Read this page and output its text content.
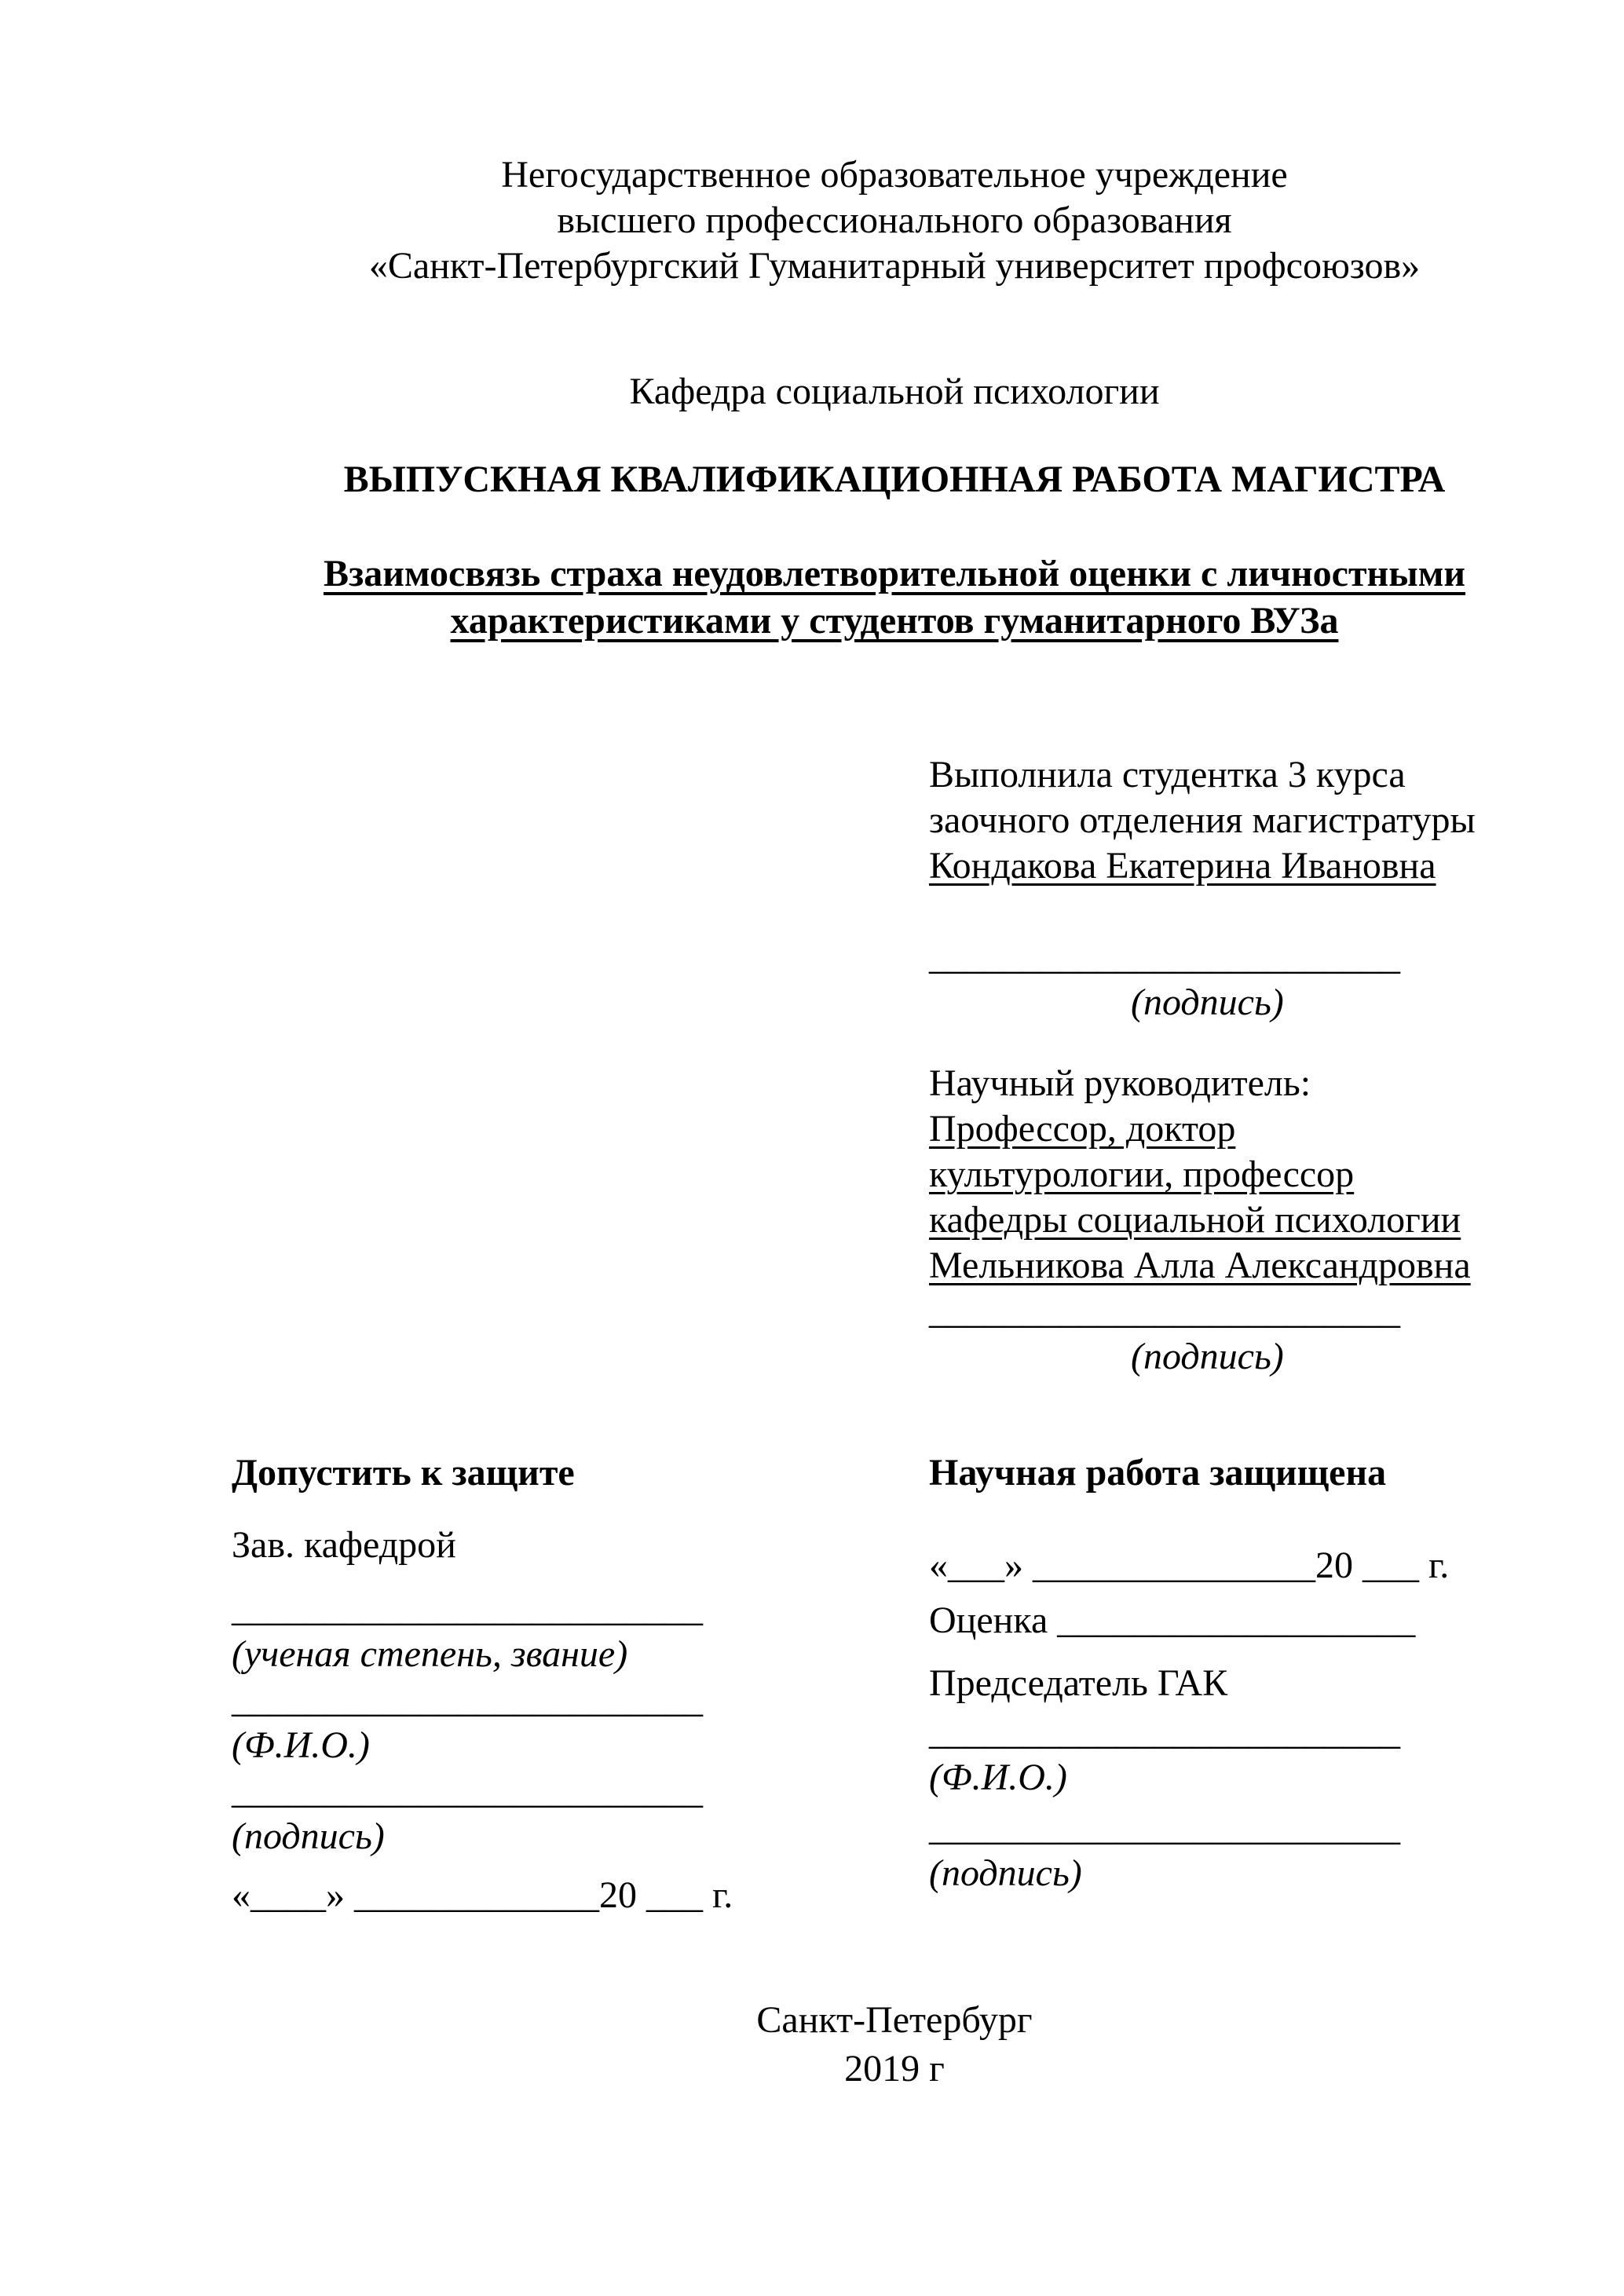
Негосударственное образовательное учреждение
высшего профессионального образования
«Санкт-Петербургский Гуманитарный университет профсоюзов»
Кафедра социальной психологии
ВЫПУСКНАЯ КВАЛИФИКАЦИОННАЯ РАБОТА МАГИСТРА
Взаимосвязь страха неудовлетворительной оценки с личностными
характеристиками у студентов гуманитарного ВУЗа
Выполнила студентка 3 курса
заочного отделения магистратуры
Кондакова Екатерина Ивановна
_________________________
(подпись)
Научный руководитель:
Профессор, доктор
культурологии, профессор
кафедры социальной психологии
Мельникова Алла Александровна
_________________________
(подпись)
Допустить к защите
Зав. кафедрой
_________________________
(ученая степень, звание)
_________________________
(Ф.И.О.)
_________________________
(подпись)
«____» _____________20 ___ г.
Научная работа защищена
«___» _______________20 ___ г.
Оценка ___________________
Председатель ГАК
_________________________
(Ф.И.О.)
_________________________
(подпись)
Санкт-Петербург
2019 г
